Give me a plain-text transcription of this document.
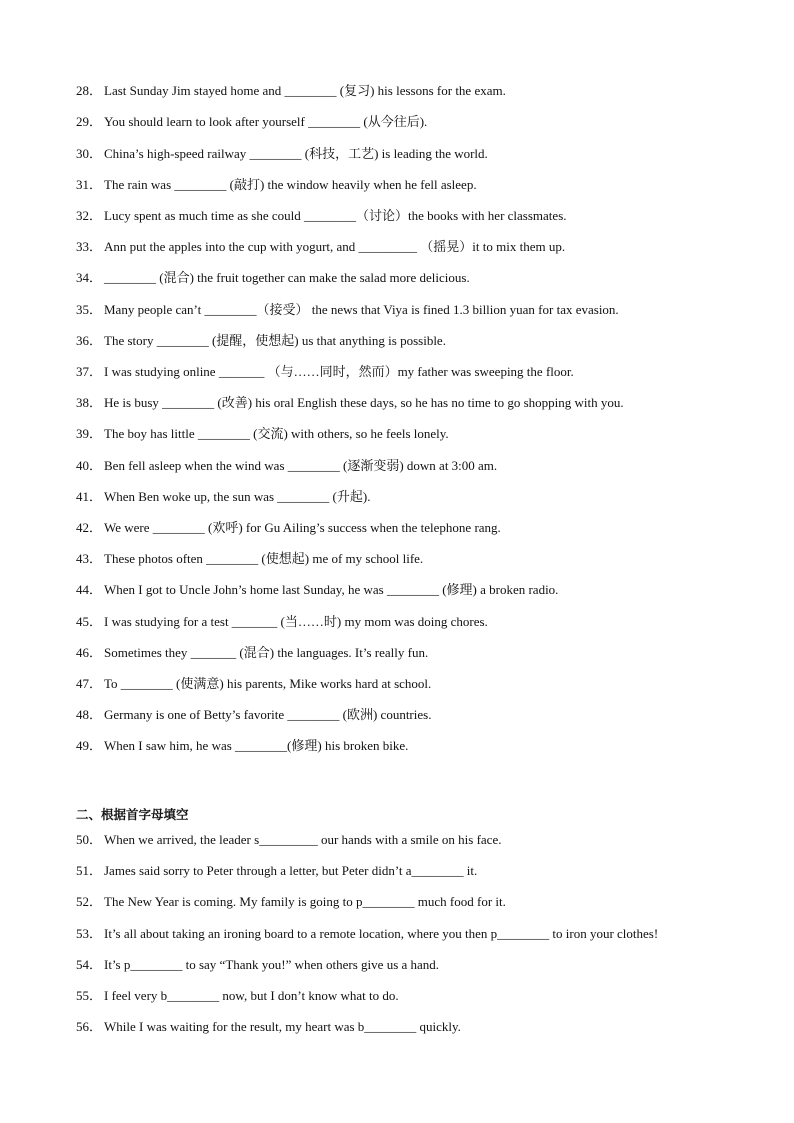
28． Last Sunday Jim stayed home and ________ (复习) his lessons for the exam.
29． You should learn to look after yourself ________ (从今往后).
30． China’s high-speed railway ________ (科技，工艺) is leading the world.
31． The rain was ________ (敲打) the window heavily when he fell asleep.
32． Lucy spent as much time as she could ________（讨论）the books with her classmates.
33． Ann put the apples into the cup with yogurt, and _________ （摇晃）it to mix them up.
34． ________ (混合) the fruit together can make the salad more delicious.
35． Many people can’t ________（接受） the news that Viya is fined 1.3 billion yuan for tax evasion.
36． The story ________ (提醒，使想起) us that anything is possible.
37． I was studying online _______ （与……同时，然而）my father was sweeping the floor.
38． He is busy ________ (改善) his oral English these days, so he has no time to go shopping with you.
39． The boy has little ________ (交流) with others, so he feels lonely.
40． Ben fell asleep when the wind was ________ (逐渐变弱) down at 3:00 am.
41． When Ben woke up, the sun was ________ (升起).
42． We were ________ (欢呼) for Gu Ailing’s success when the telephone rang.
43． These photos often ________ (使想起) me of my school life.
44． When I got to Uncle John’s home last Sunday, he was ________ (修理) a broken radio.
45． I was studying for a test _______ (当……时) my mom was doing chores.
46． Sometimes they _______ (混合) the languages. It’s really fun.
47． To ________ (使满意) his parents, Mike works hard at school.
48． Germany is one of Betty’s favorite ________ (欧洲) countries.
49． When I saw him, he was ________(修理) his broken bike.
二、根据首字母填空
50． When we arrived, the leader s_________ our hands with a smile on his face.
51． James said sorry to Peter through a letter, but Peter didn’t a________ it.
52． The New Year is coming. My family is going to p________ much food for it.
53． It’s all about taking an ironing board to a remote location, where you then p________ to iron your clothes!
54． It’s p________ to say “Thank you!” when others give us a hand.
55． I feel very b________ now, but I don’t know what to do.
56． While I was waiting for the result, my heart was b________ quickly.
